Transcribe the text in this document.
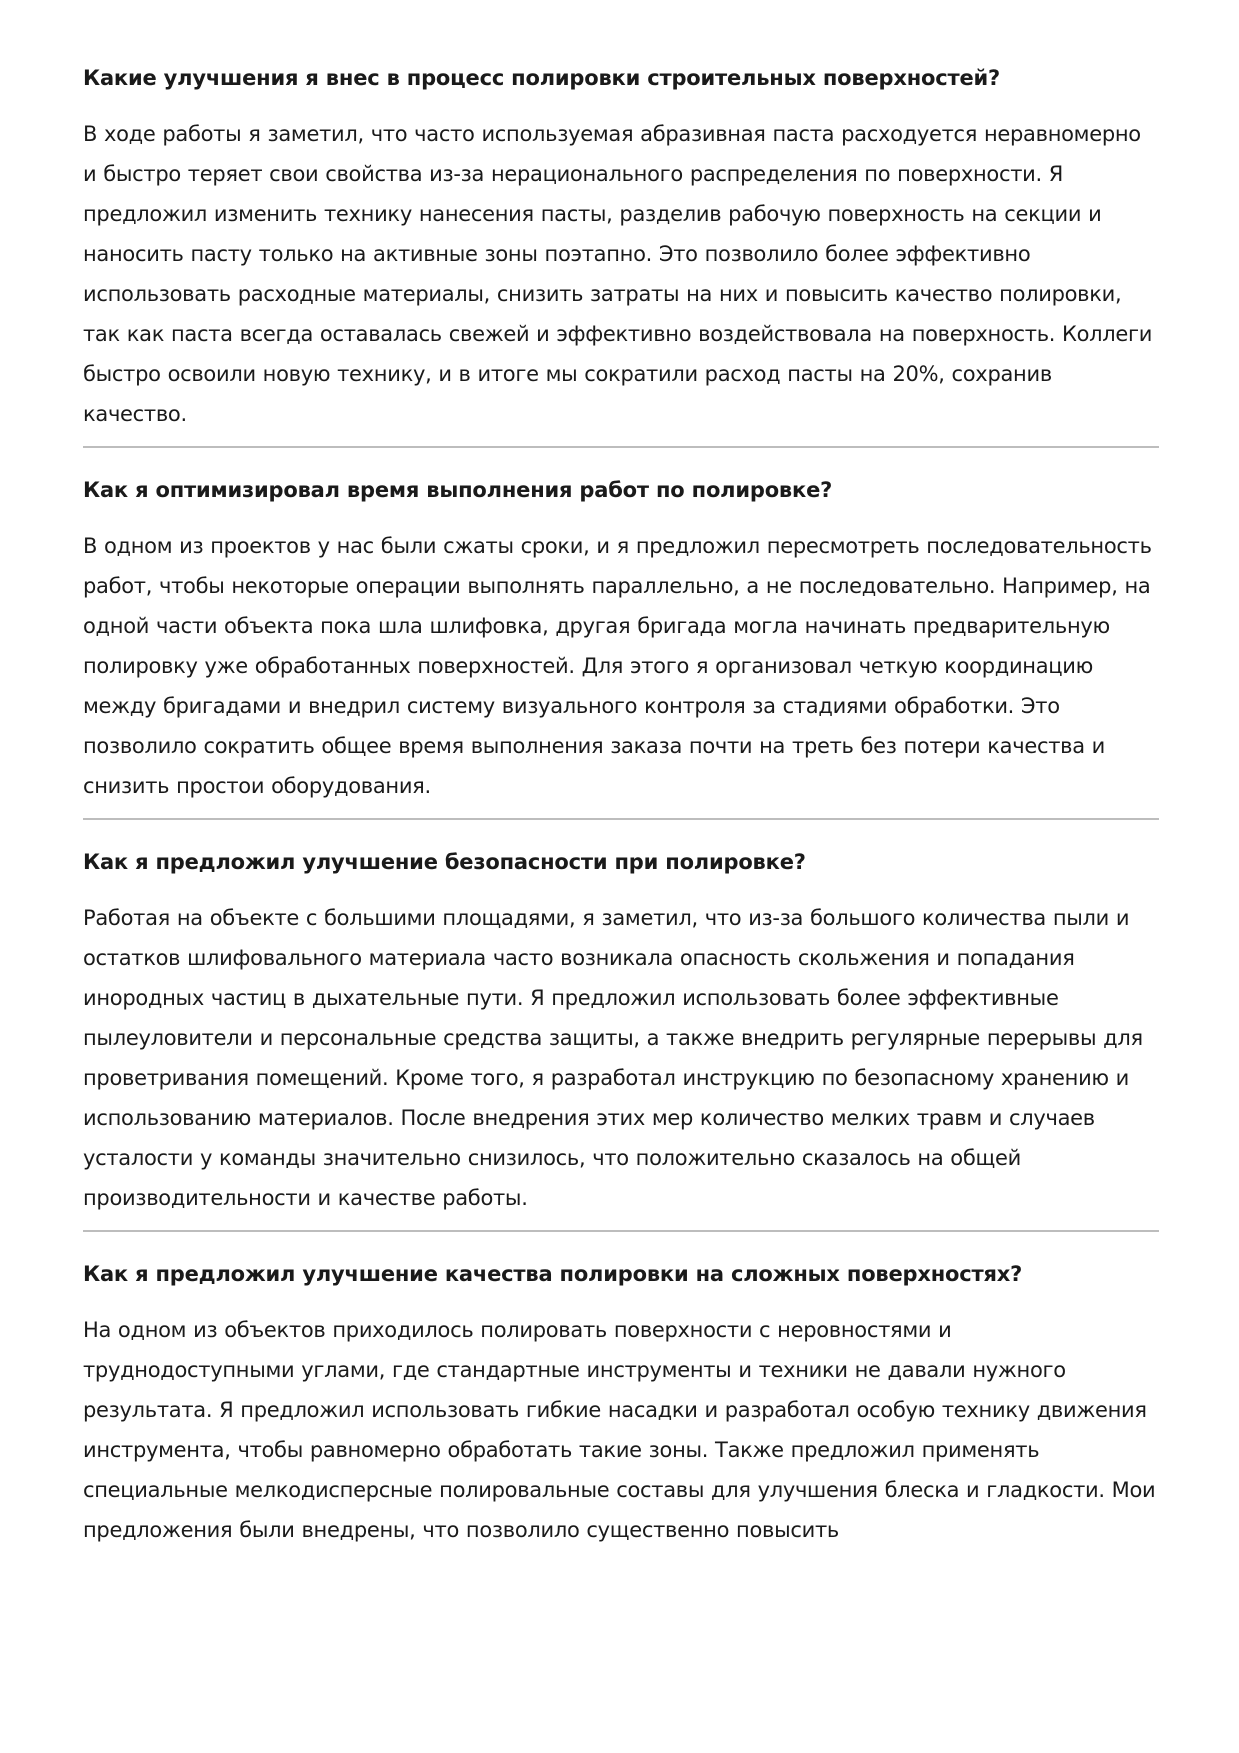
Какие улучшения я внес в процесс полировки строительных поверхностей?

В ходе работы я заметил, что часто используемая абразивная паста расходуется неравномерно и быстро теряет свои свойства из-за нерационального распределения по поверхности. Я предложил изменить технику нанесения пасты, разделив рабочую поверхность на секции и наносить пасту только на активные зоны поэтапно. Это позволило более эффективно использовать расходные материалы, снизить затраты на них и повысить качество полировки, так как паста всегда оставалась свежей и эффективно воздействовала на поверхность. Коллеги быстро освоили новую технику, и в итоге мы сократили расход пасты на 20%, сохранив качество.

Как я оптимизировал время выполнения работ по полировке?

В одном из проектов у нас были сжаты сроки, и я предложил пересмотреть последовательность работ, чтобы некоторые операции выполнять параллельно, а не последовательно. Например, на одной части объекта пока шла шлифовка, другая бригада могла начинать предварительную полировку уже обработанных поверхностей. Для этого я организовал четкую координацию между бригадами и внедрил систему визуального контроля за стадиями обработки. Это позволило сократить общее время выполнения заказа почти на треть без потери качества и снизить простои оборудования.

Как я предложил улучшение безопасности при полировке?

Работая на объекте с большими площадями, я заметил, что из-за большого количества пыли и остатков шлифовального материала часто возникала опасность скольжения и попадания инородных частиц в дыхательные пути. Я предложил использовать более эффективные пылеуловители и персональные средства защиты, а также внедрить регулярные перерывы для проветривания помещений. Кроме того, я разработал инструкцию по безопасному хранению и использованию материалов. После внедрения этих мер количество мелких травм и случаев усталости у команды значительно снизилось, что положительно сказалось на общей производительности и качестве работы.

Как я предложил улучшение качества полировки на сложных поверхностях?

На одном из объектов приходилось полировать поверхности с неровностями и труднодоступными углами, где стандартные инструменты и техники не давали нужного результата. Я предложил использовать гибкие насадки и разработал особую технику движения инструмента, чтобы равномерно обработать такие зоны. Также предложил применять специальные мелкодисперсные полировальные составы для улучшения блеска и гладкости. Мои предложения были внедрены, что позволило существенно повысить
